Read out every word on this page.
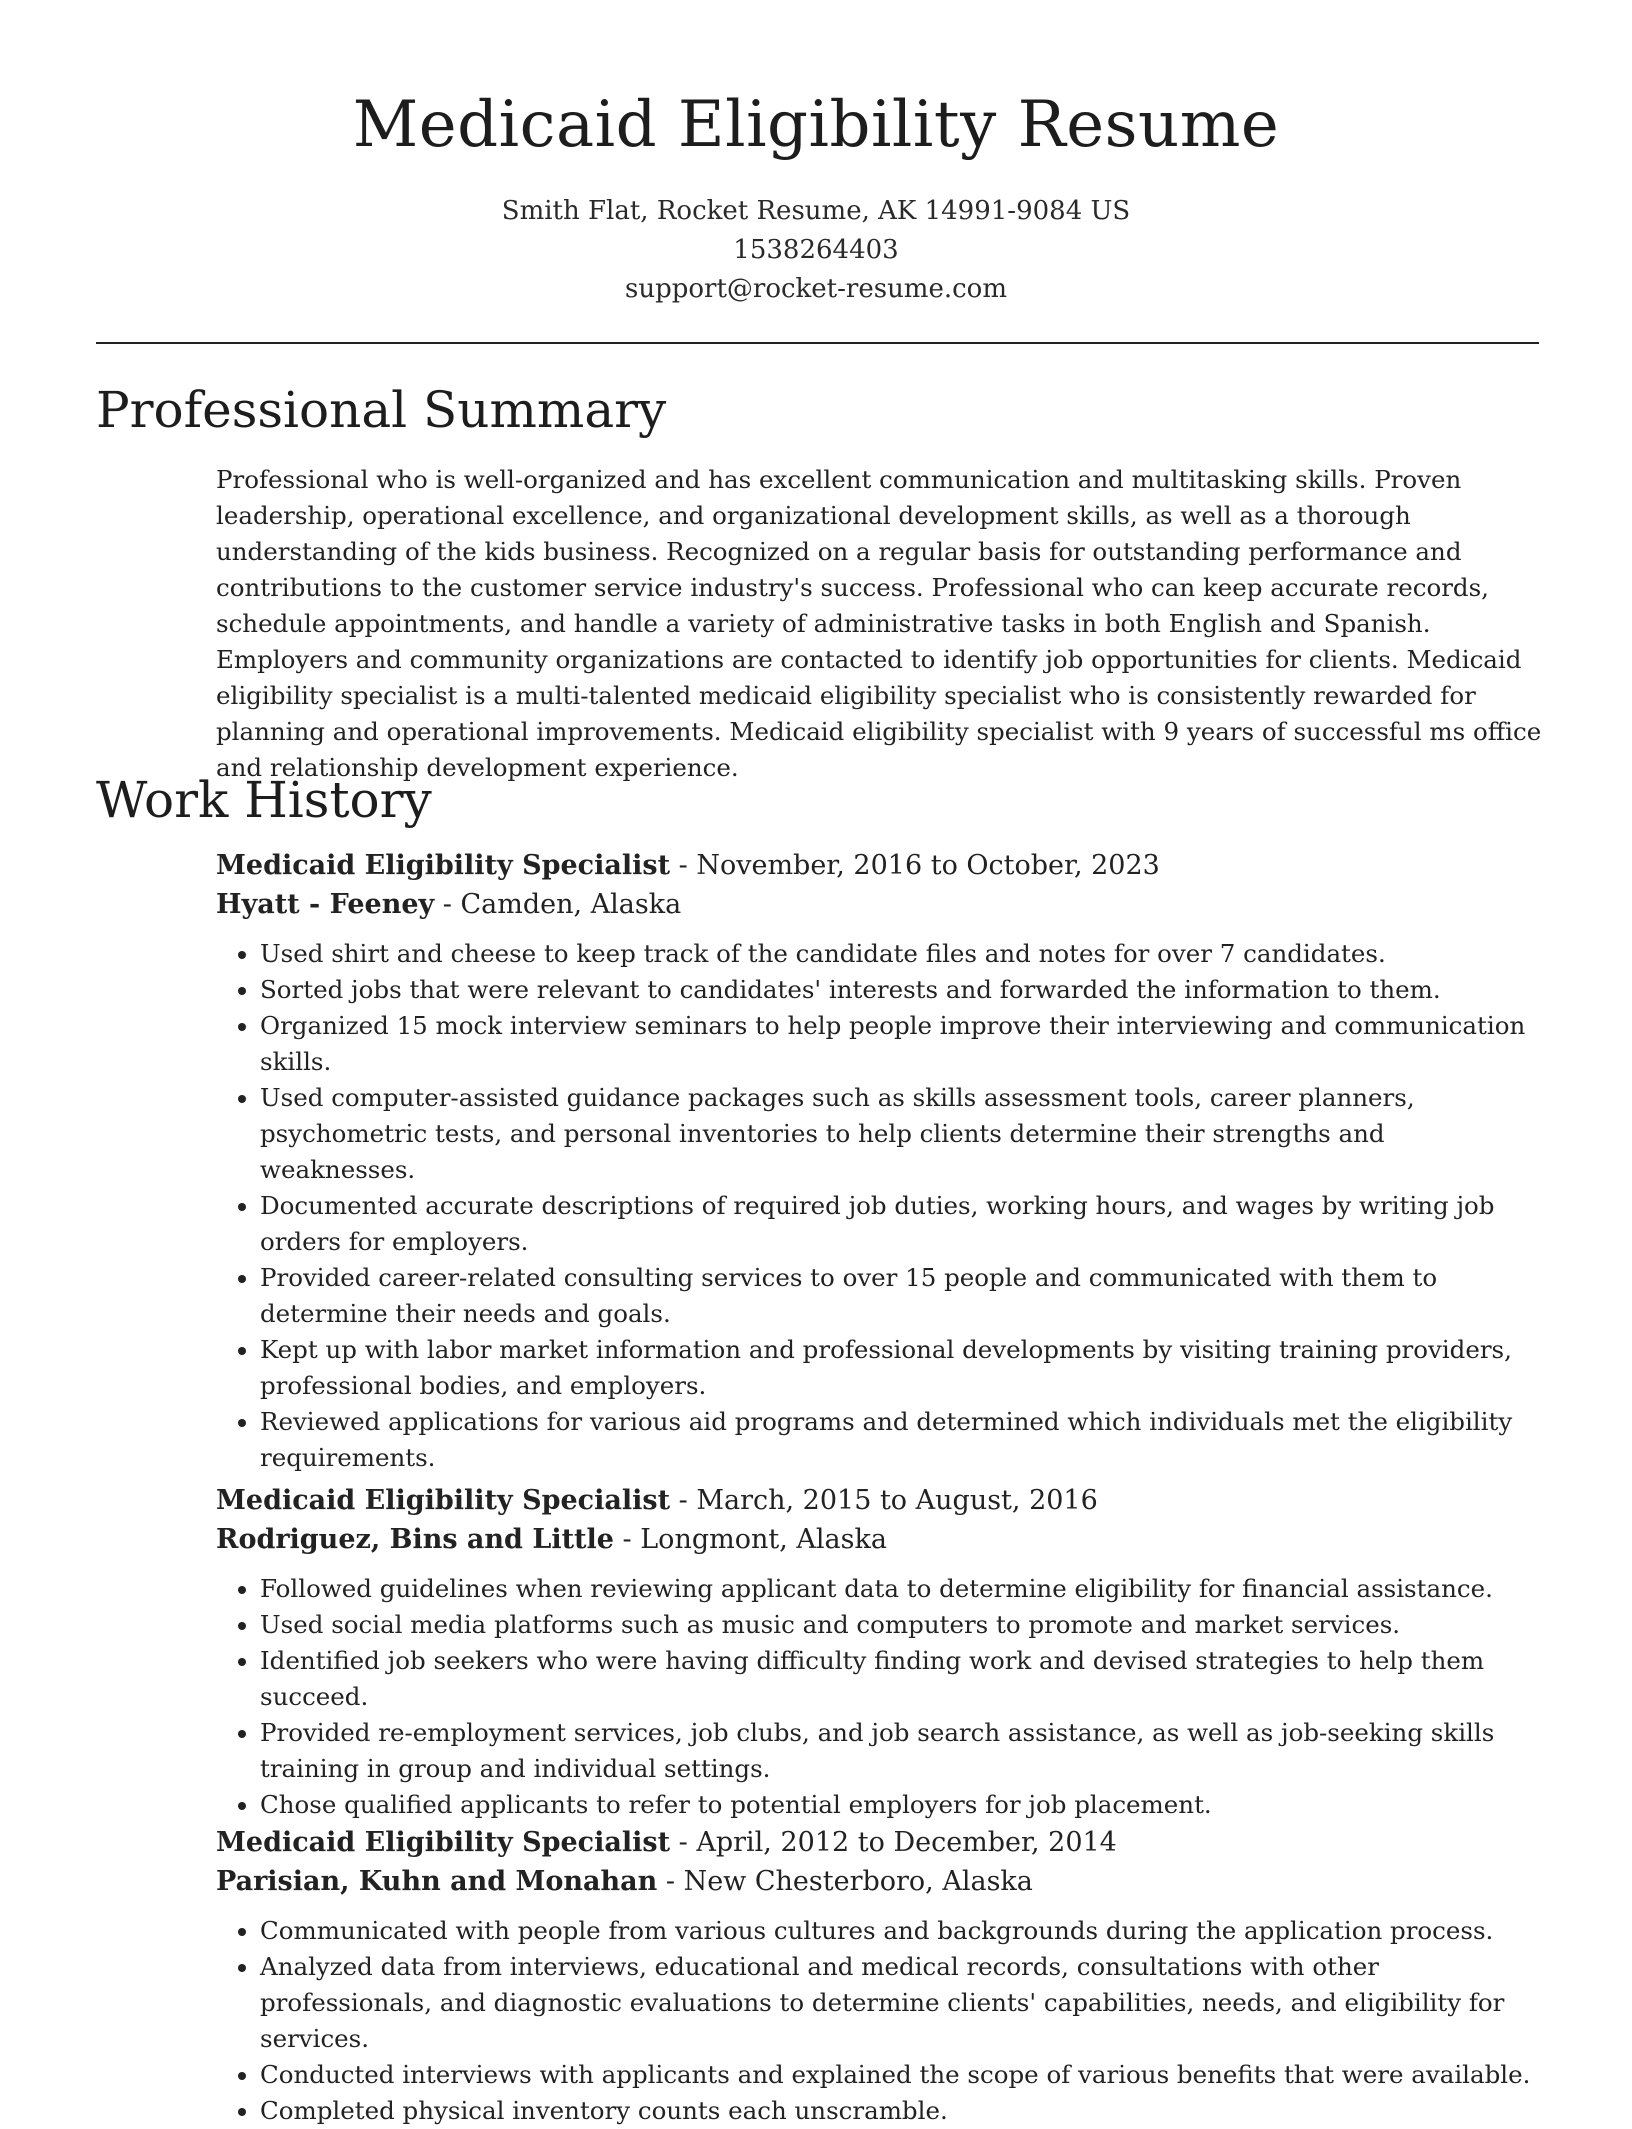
Medicaid Eligibility Resume
Smith Flat, Rocket Resume, AK 14991-9084 US
1538264403
support@rocket-resume.com
Professional Summary

Professional who is well-organized and has excellent communication and multitasking skills. Proven leadership, operational excellence, and organizational development skills, as well as a thorough understanding of the kids business. Recognized on a regular basis for outstanding performance and contributions to the customer service industry's success. Professional who can keep accurate records, schedule appointments, and handle a variety of administrative tasks in both English and Spanish. Employers and community organizations are contacted to identify job opportunities for clients. Medicaid eligibility specialist is a multi-talented medicaid eligibility specialist who is consistently rewarded for planning and operational improvements. Medicaid eligibility specialist with 9 years of successful ms office and relationship development experience.

Work History
Medicaid Eligibility Specialist - November, 2016 to October, 2023
Hyatt - Feeney - Camden, Alaska
• Used shirt and cheese to keep track of the candidate files and notes for over 7 candidates.
• Sorted jobs that were relevant to candidates' interests and forwarded the information to them.
• Organized 15 mock interview seminars to help people improve their interviewing and communication skills.
• Used computer-assisted guidance packages such as skills assessment tools, career planners, psychometric tests, and personal inventories to help clients determine their strengths and weaknesses.
• Documented accurate descriptions of required job duties, working hours, and wages by writing job orders for employers.
• Provided career-related consulting services to over 15 people and communicated with them to determine their needs and goals.
• Kept up with labor market information and professional developments by visiting training providers, professional bodies, and employers.
• Reviewed applications for various aid programs and determined which individuals met the eligibility requirements.
Medicaid Eligibility Specialist - March, 2015 to August, 2016
Rodriguez, Bins and Little - Longmont, Alaska
• Followed guidelines when reviewing applicant data to determine eligibility for financial assistance.
• Used social media platforms such as music and computers to promote and market services.
• Identified job seekers who were having difficulty finding work and devised strategies to help them succeed.
• Provided re-employment services, job clubs, and job search assistance, as well as job-seeking skills training in group and individual settings.
• Chose qualified applicants to refer to potential employers for job placement.
Medicaid Eligibility Specialist - April, 2012 to December, 2014
Parisian, Kuhn and Monahan - New Chesterboro, Alaska
• Communicated with people from various cultures and backgrounds during the application process.
• Analyzed data from interviews, educational and medical records, consultations with other professionals, and diagnostic evaluations to determine clients' capabilities, needs, and eligibility for services.
• Conducted interviews with applicants and explained the scope of various benefits that were available.
• Completed physical inventory counts each unscramble.
